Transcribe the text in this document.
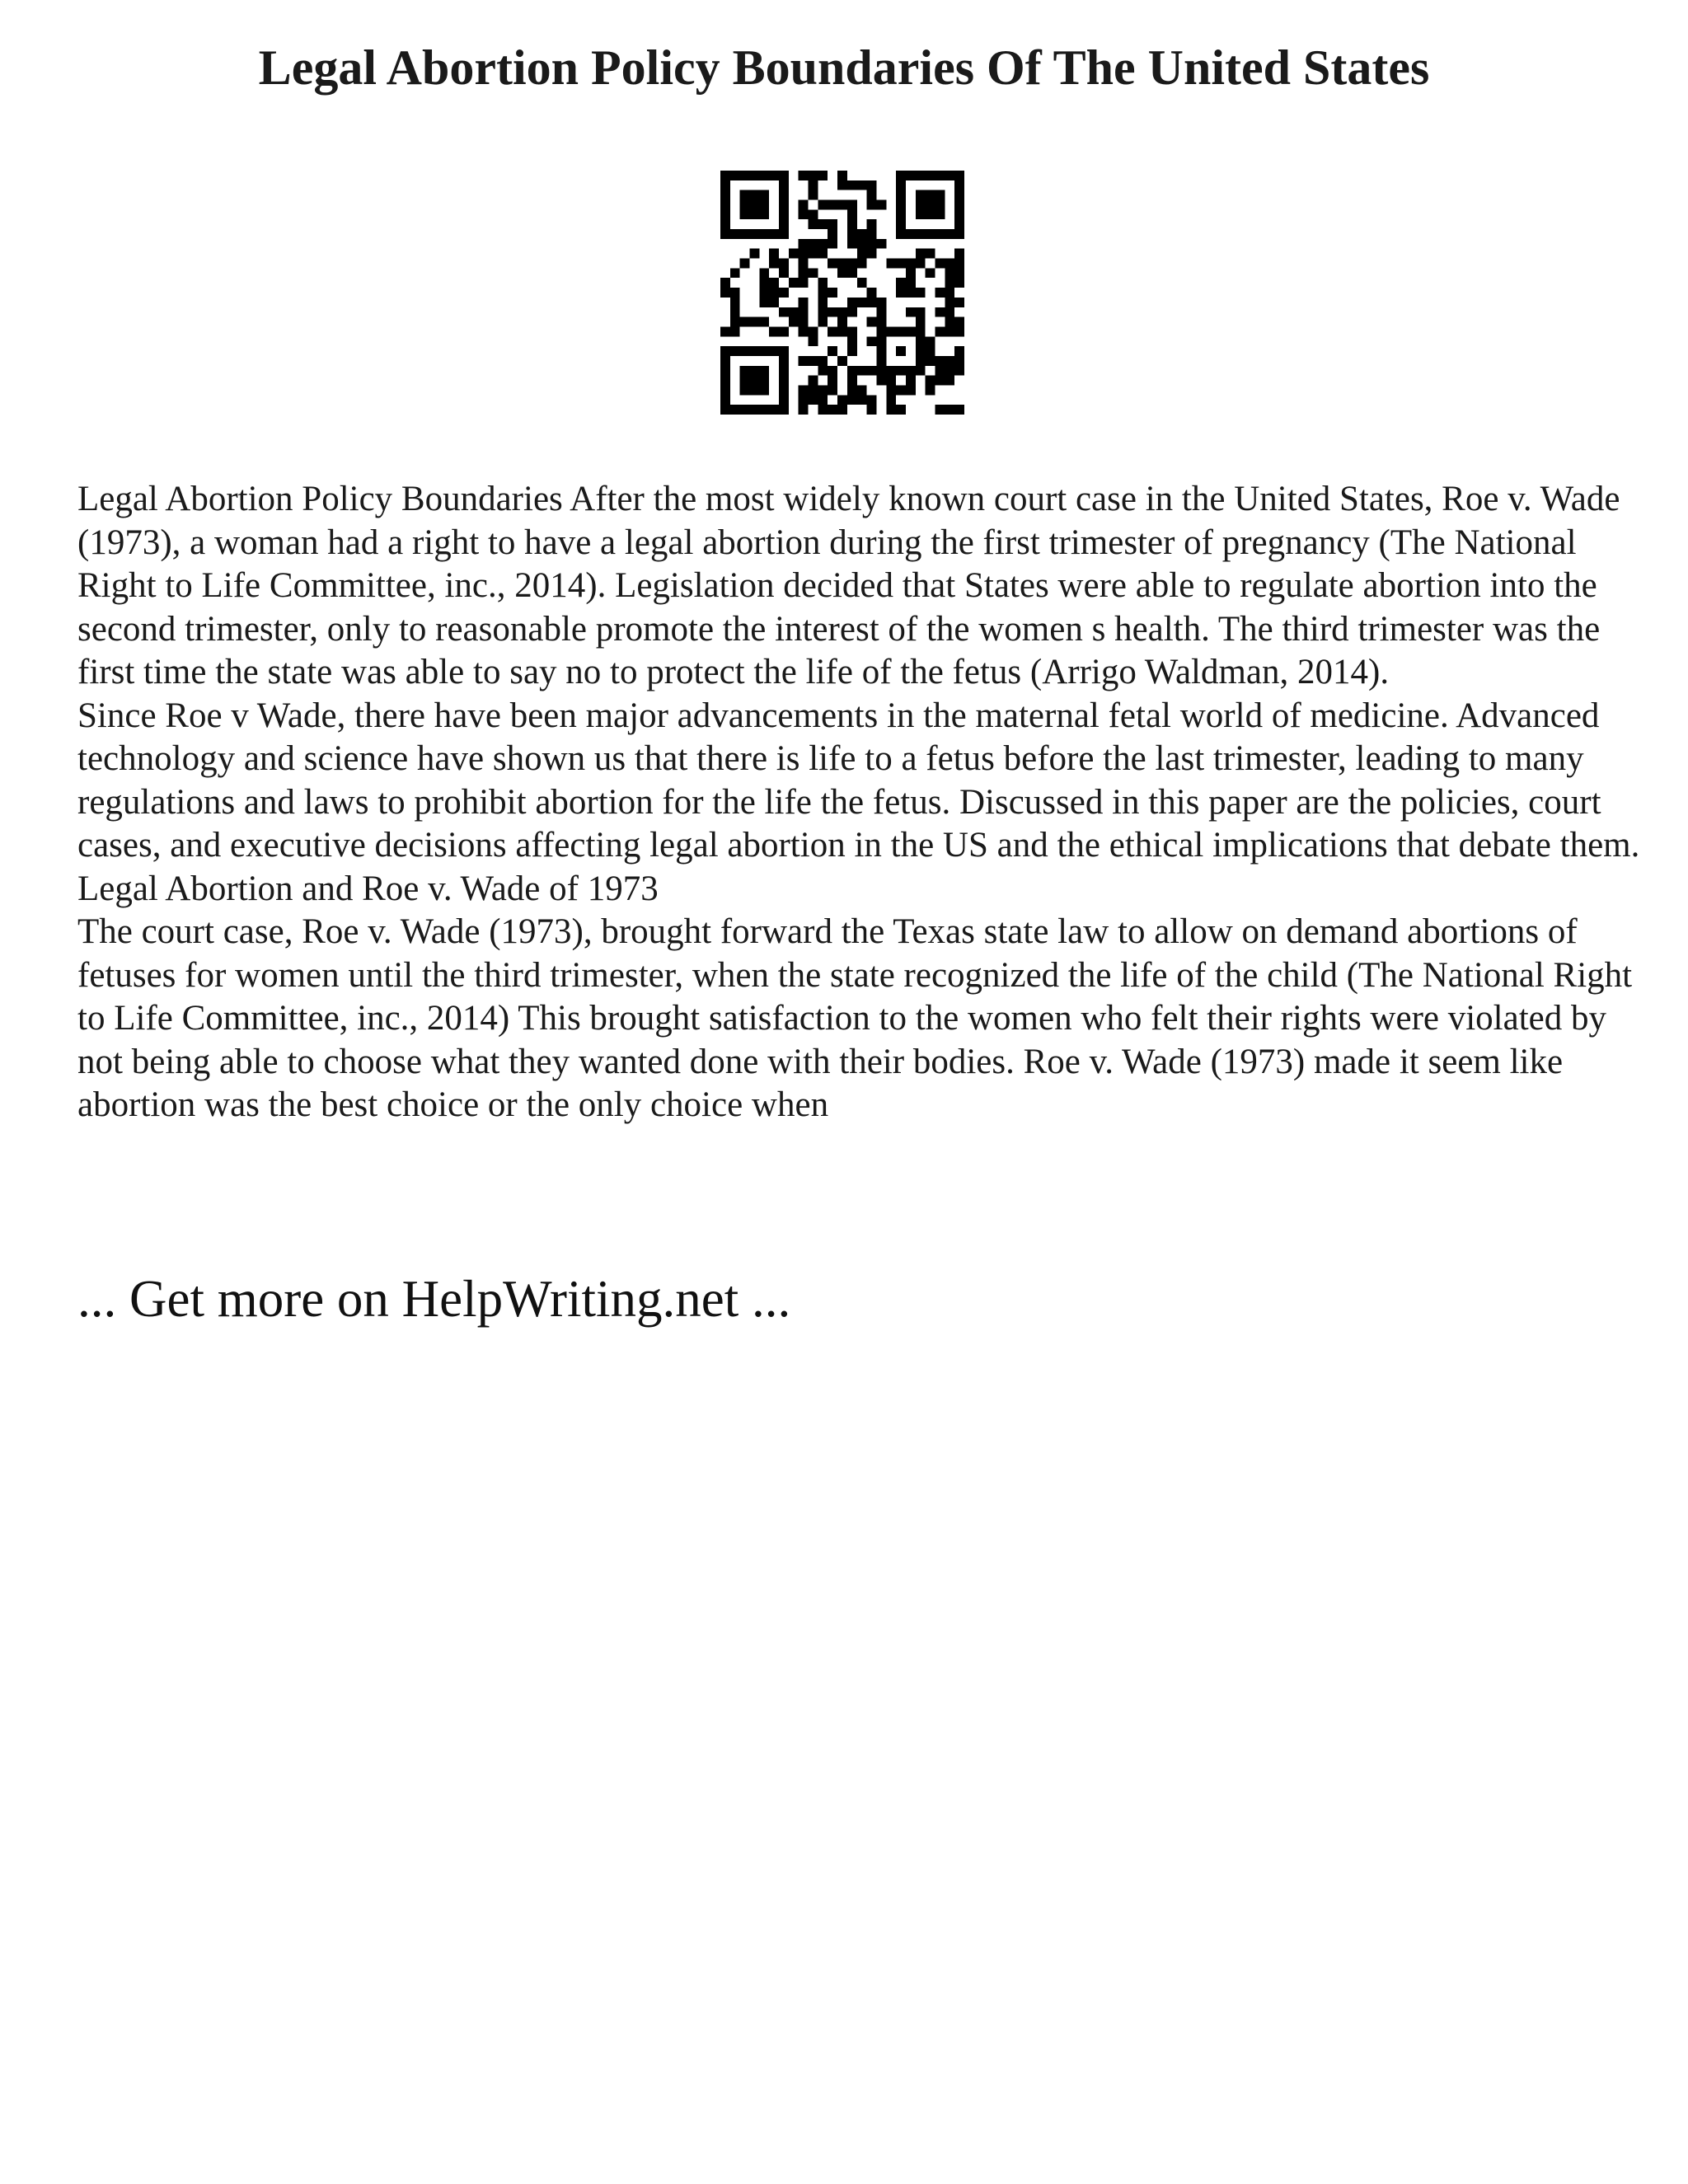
Legal Abortion Policy Boundaries Of The United States

Legal Abortion Policy Boundaries After the most widely known court case in the United States, Roe v. Wade (1973), a woman had a right to have a legal abortion during the first trimester of pregnancy (The National Right to Life Committee, inc., 2014). Legislation decided that States were able to regulate abortion into the second trimester, only to reasonable promote the interest of the women s health. The third trimester was the first time the state was able to say no to protect the life of the fetus (Arrigo Waldman, 2014).

Since Roe v Wade, there have been major advancements in the maternal fetal world of medicine. Advanced technology and science have shown us that there is life to a fetus before the last trimester, leading to many regulations and laws to prohibit abortion for the life the fetus. Discussed in this paper are the policies, court cases, and executive decisions affecting legal abortion in the US and the ethical implications that debate them.

Legal Abortion and Roe v. Wade of 1973

The court case, Roe v. Wade (1973), brought forward the Texas state law to allow on demand abortions of fetuses for women until the third trimester, when the state recognized the life of the child (The National Right to Life Committee, inc., 2014) This brought satisfaction to the women who felt their rights were violated by not being able to choose what they wanted done with their bodies. Roe v. Wade (1973) made it seem like abortion was the best choice or the only choice when

... Get more on HelpWriting.net ...
